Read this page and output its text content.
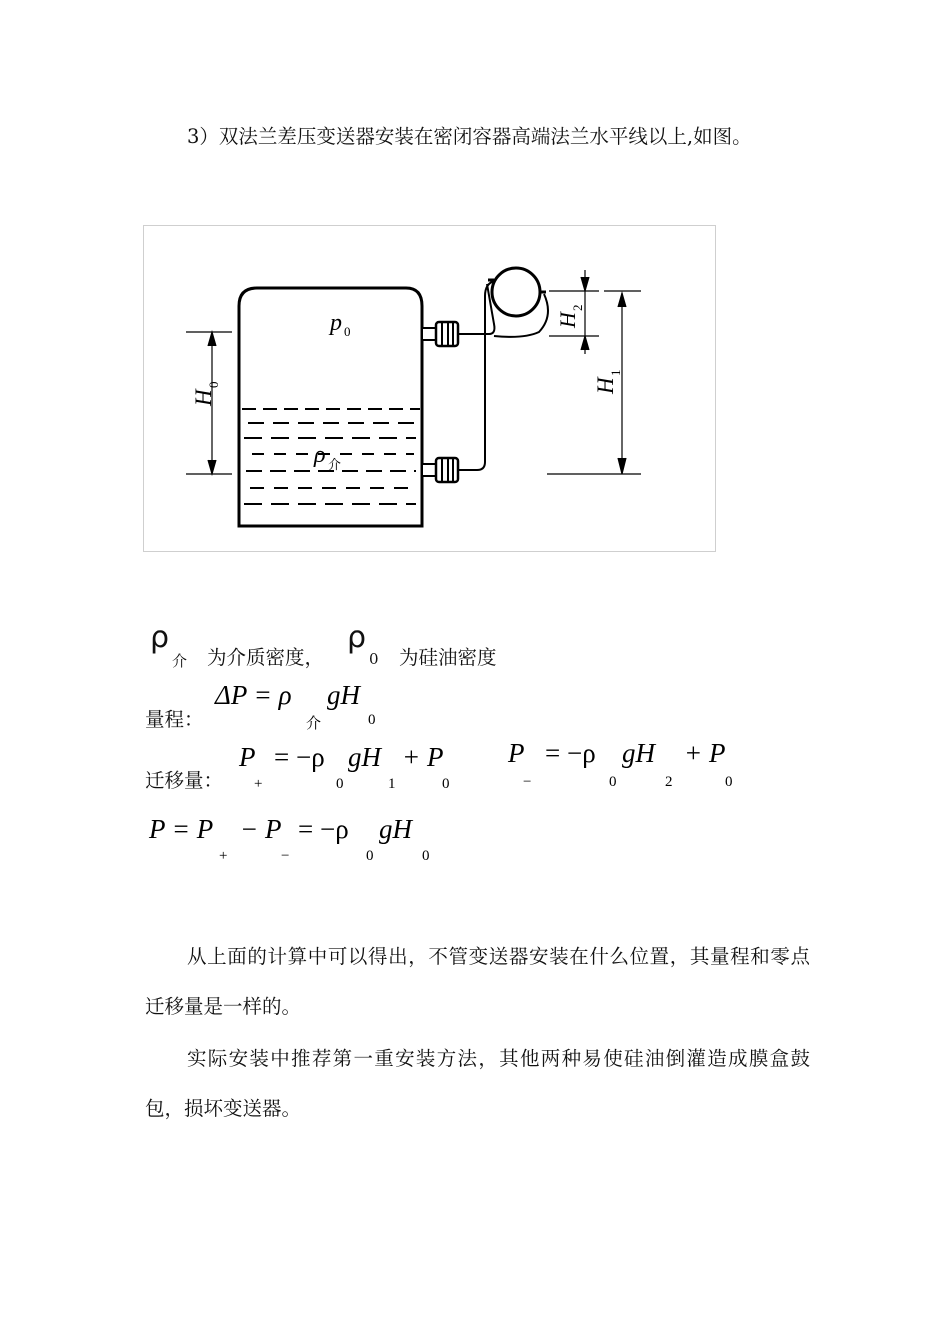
3）双法兰差压变送器安装在密闭容器高端法兰水平线以上,如图。

p 0
ρ 介
H
0
H
2
H
1
ρ
介 为介质密度，
ρ
0 为硅油密度
量程：
ΔP = ρ
介
gH
0
迁移量：
P
+
= −ρ
0
gH
1
+ P
0
P
−
= −ρ
0
gH
2
+ P
0
P = P
+
− P
−
= −ρ
0
gH
0

从上面的计算中可以得出，不管变送器安装在什么位置，其量程和零点迁移量是一样的。

实际安装中推荐第一重安装方法，其他两种易使硅油倒灌造成膜盒鼓包，损坏变送器。
